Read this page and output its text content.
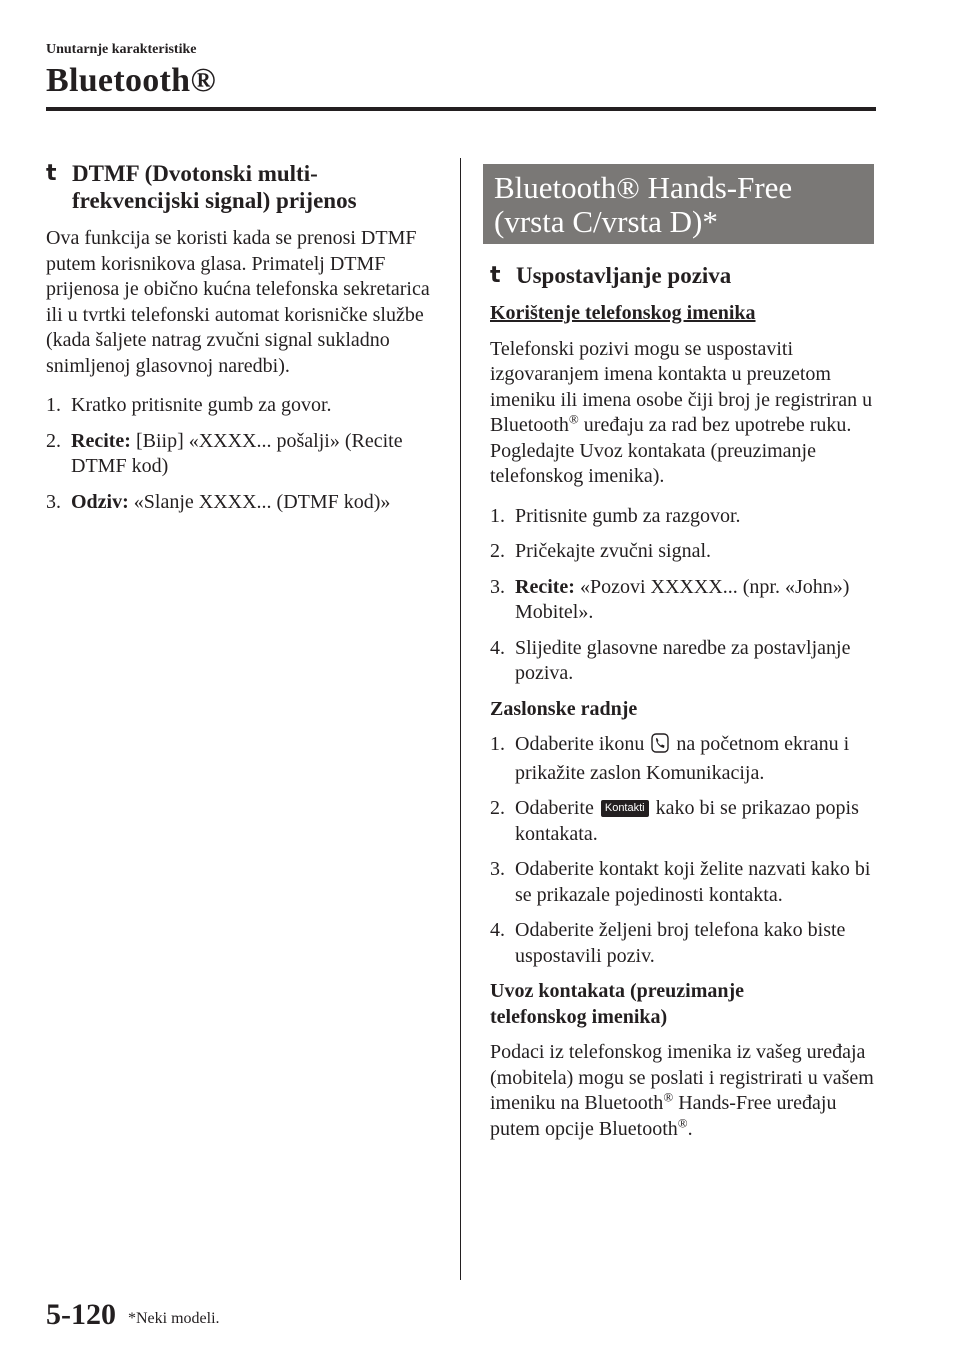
Unutarnje karakteristike
Bluetooth®
t DTMF (Dvotonski multi-
frekvencijski signal) prijenos

Ova funkcija se koristi kada se prenosi DTMF putem korisnikova glasa. Primatelj DTMF prijenosa je obično kućna telefonska sekretarica ili u tvrtki telefonski automat korisničke službe (kada šaljete natrag zvučni signal sukladno snimljenoj glasovnoj naredbi).

1. Kratko pritisnite gumb za govor.
2. Recite: [Biip] «XXXX... pošalji» (Recite DTMF kod)
3. Odziv: «Slanje XXXX... (DTMF kod)»
Bluetooth® Hands-Free
(vrsta C/vrsta D)*
t Uspostavljanje poziva

Korištenje telefonskog imenika

Telefonski pozivi mogu se uspostaviti izgovaranjem imena kontakta u preuzetom imeniku ili imena osobe čiji broj je registriran u Bluetooth® uređaju za rad bez upotrebe ruku. Pogledajte Uvoz kontakata (preuzimanje telefonskog imenika).

1. Pritisnite gumb za razgovor.
2. Pričekajte zvučni signal.
3. Recite: «Pozovi XXXXX... (npr. «John») Mobitel».
4. Slijedite glasovne naredbe za postavljanje poziva.

Zaslonske radnje

1. Odaberite ikonu  na početnom ekranu i prikažite zaslon Komunikacija.
2. Odaberite Kontakti kako bi se prikazao popis kontakata.
3. Odaberite kontakt koji želite nazvati kako bi se prikazale pojedinosti kontakta.
4. Odaberite željeni broj telefona kako biste uspostavili poziv.

Uvoz kontakata (preuzimanje
telefonskog imenika)

Podaci iz telefonskog imenika iz vašeg uređaja (mobitela) mogu se poslati i registrirati u vašem imeniku na Bluetooth® Hands-Free uređaju putem opcije Bluetooth®.

5-120 *Neki modeli.
